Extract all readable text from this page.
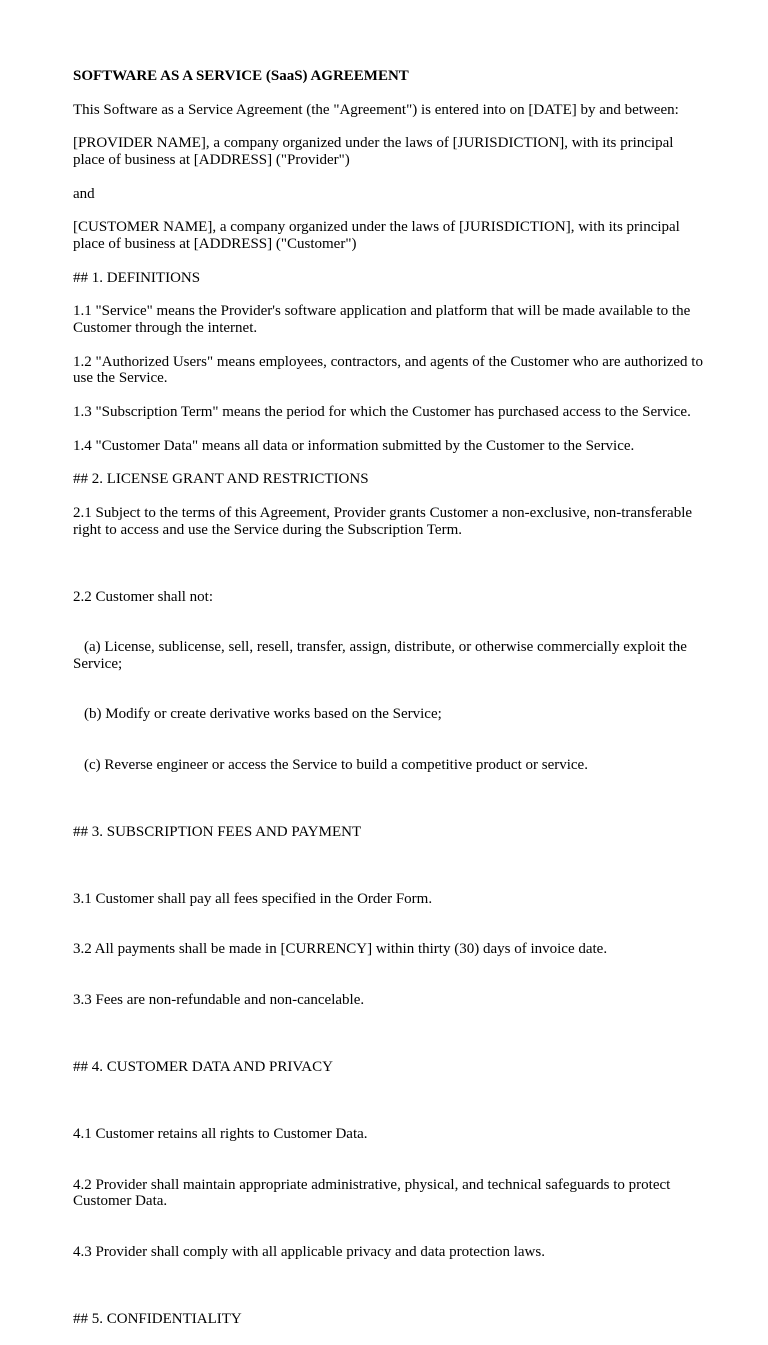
SOFTWARE AS A SERVICE (SaaS) AGREEMENT

This Software as a Service Agreement (the "Agreement") is entered into on [DATE] by and between:

[PROVIDER NAME], a company organized under the laws of [JURISDICTION], with its principal place of business at [ADDRESS] ("Provider")

and

[CUSTOMER NAME], a company organized under the laws of [JURISDICTION], with its principal place of business at [ADDRESS] ("Customer")

## 1. DEFINITIONS

1.1 "Service" means the Provider's software application and platform that will be made available to the Customer through the internet.

1.2 "Authorized Users" means employees, contractors, and agents of the Customer who are authorized to use the Service.

1.3 "Subscription Term" means the period for which the Customer has purchased access to the Service.

1.4 "Customer Data" means all data or information submitted by the Customer to the Service.

## 2. LICENSE GRANT AND RESTRICTIONS

2.1 Subject to the terms of this Agreement, Provider grants Customer a non-exclusive, non-transferable right to access and use the Service during the Subscription Term.

2.2 Customer shall not:

(a) License, sublicense, sell, resell, transfer, assign, distribute, or otherwise commercially exploit the Service;

(b) Modify or create derivative works based on the Service;

(c) Reverse engineer or access the Service to build a competitive product or service.

## 3. SUBSCRIPTION FEES AND PAYMENT

3.1 Customer shall pay all fees specified in the Order Form.

3.2 All payments shall be made in [CURRENCY] within thirty (30) days of invoice date.

3.3 Fees are non-refundable and non-cancelable.

## 4. CUSTOMER DATA AND PRIVACY

4.1 Customer retains all rights to Customer Data.

4.2 Provider shall maintain appropriate administrative, physical, and technical safeguards to protect Customer Data.

4.3 Provider shall comply with all applicable privacy and data protection laws.

## 5. CONFIDENTIALITY
